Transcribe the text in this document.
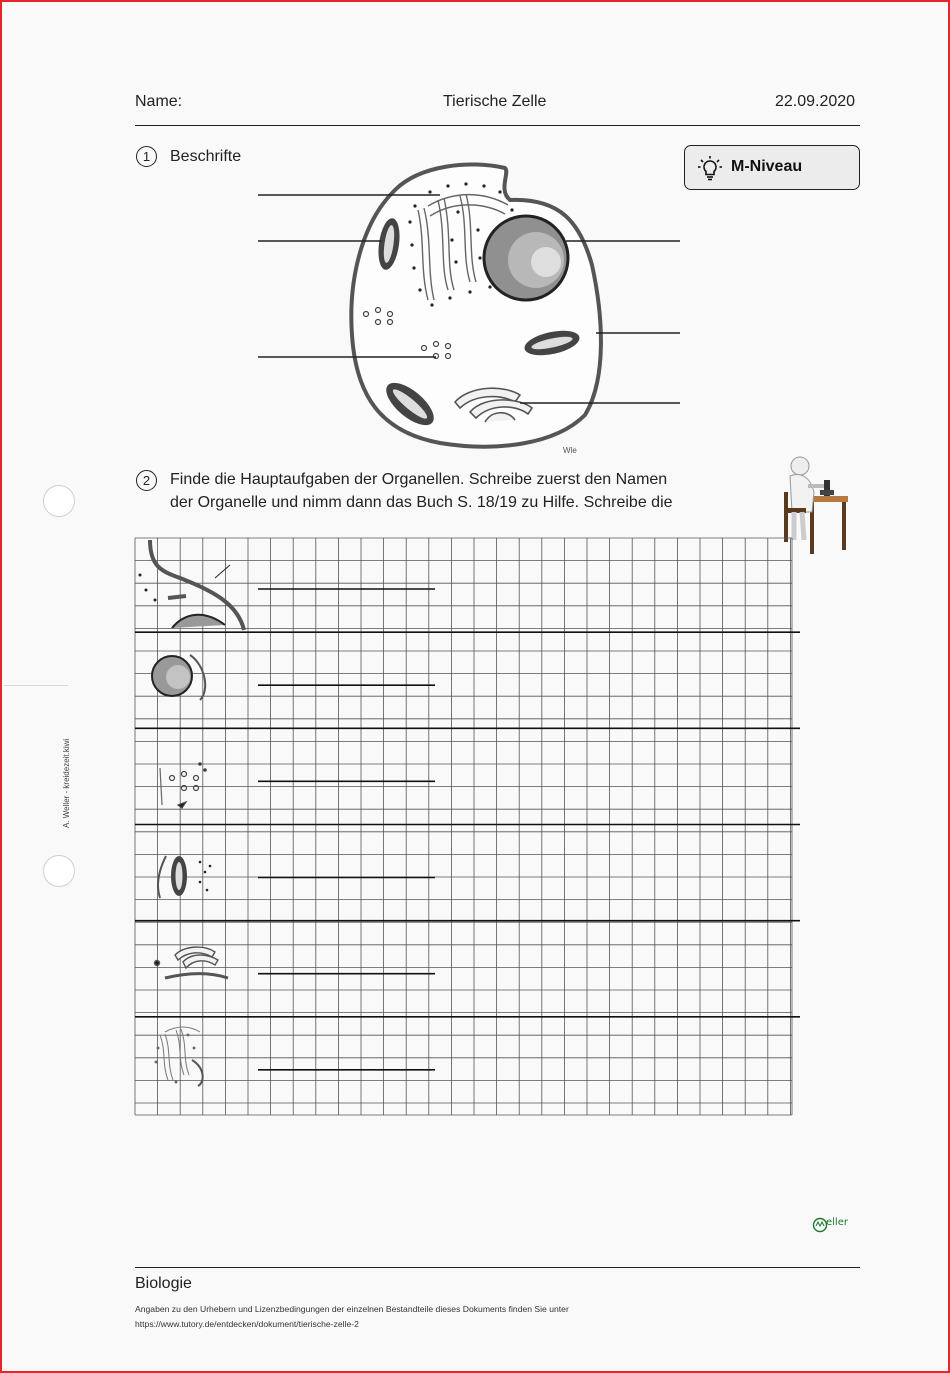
Name:	Tierische Zelle	22.09.2020
1	Beschrifte
M-Niveau
Wle
2	Finde die Hauptaufgaben der Organellen. Schreibe zuerst den Namen
der Organelle und nimm dann das Buch S. 18/19 zu Hilfe. Schreibe die
A. Weller - kreidezeit.kiwi
eller
Biologie
Angaben zu den Urhebern und Lizenzbedingungen der einzelnen Bestandteile dieses Dokuments finden Sie unter
https://www.tutory.de/entdecken/dokument/tierische-zelle-2
